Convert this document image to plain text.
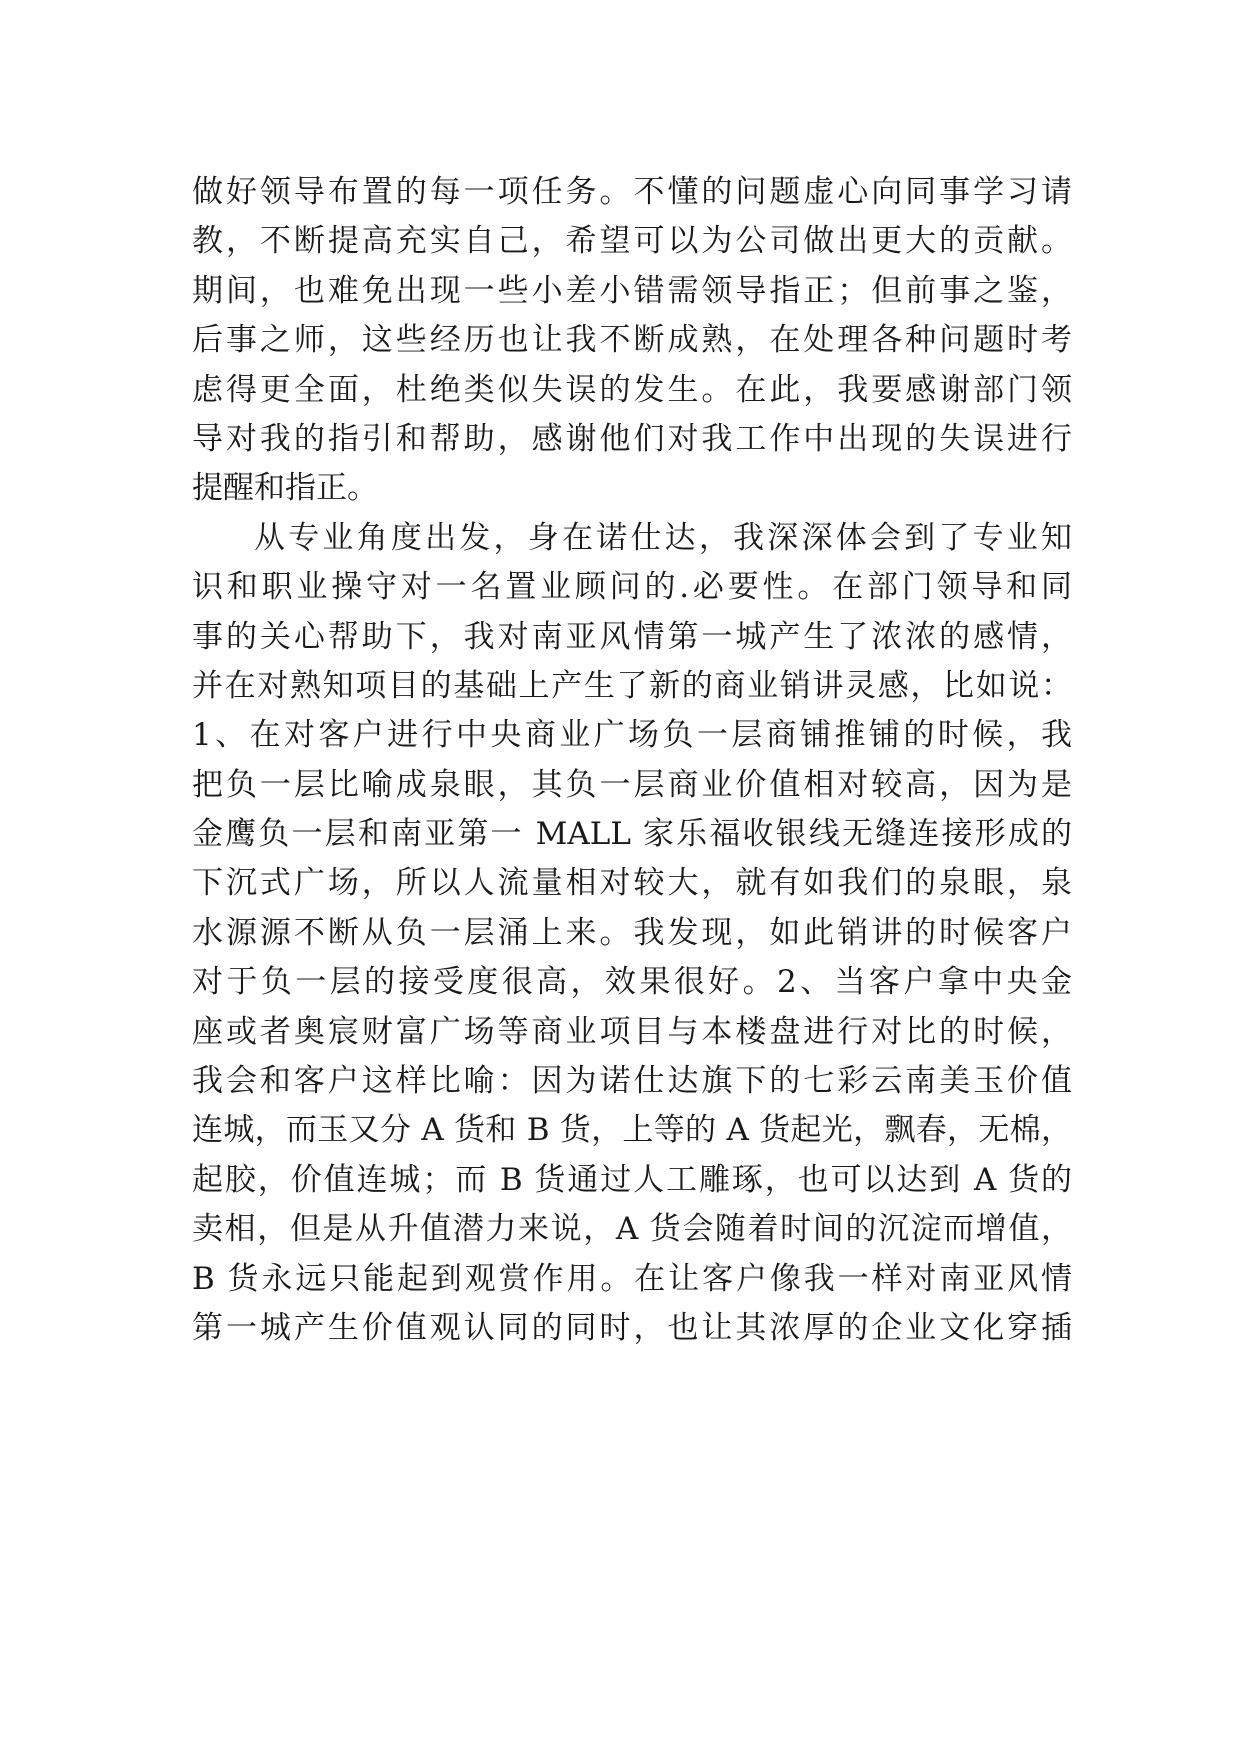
做好领导布置的每一项任务。不懂的问题虚心向同事学习请
教，不断提高充实自己，希望可以为公司做出更大的贡献。
期间，也难免出现一些小差小错需领导指正；但前事之鉴，
后事之师，这些经历也让我不断成熟，在处理各种问题时考
虑得更全面，杜绝类似失误的发生。在此，我要感谢部门领
导对我的指引和帮助，感谢他们对我工作中出现的失误进行
提醒和指正。
从专业角度出发，身在诺仕达，我深深体会到了专业知
识和职业操守对一名置业顾问的.必要性。在部门领导和同
事的关心帮助下，我对南亚风情第一城产生了浓浓的感情，
并在对熟知项目的基础上产生了新的商业销讲灵感，比如说：
1、在对客户进行中央商业广场负一层商铺推铺的时候，我
把负一层比喻成泉眼，其负一层商业价值相对较高，因为是
金鹰负一层和南亚第一 MALL 家乐福收银线无缝连接形成的
下沉式广场，所以人流量相对较大，就有如我们的泉眼，泉
水源源不断从负一层涌上来。我发现，如此销讲的时候客户
对于负一层的接受度很高，效果很好。2、当客户拿中央金
座或者奥宸财富广场等商业项目与本楼盘进行对比的时候，
我会和客户这样比喻：因为诺仕达旗下的七彩云南美玉价值
连城，而玉又分 A 货和 B 货，上等的 A 货起光，飘春，无棉，
起胶，价值连城；而 B 货通过人工雕琢，也可以达到 A 货的
卖相，但是从升值潜力来说，A 货会随着时间的沉淀而增值，
B 货永远只能起到观赏作用。在让客户像我一样对南亚风情
第一城产生价值观认同的同时，也让其浓厚的企业文化穿插
